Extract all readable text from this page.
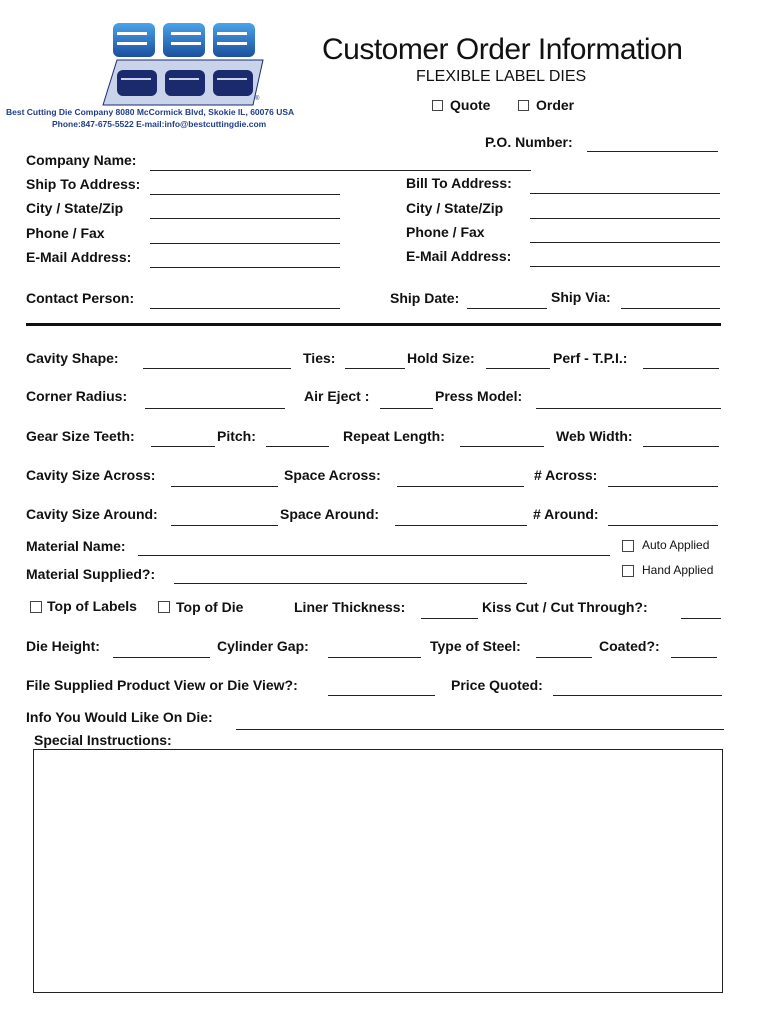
®
Best Cutting Die Company 8080 McCormick Blvd, Skokie IL, 60076 USA
Phone:847-675-5522 E-mail:info@bestcuttingdie.com
Customer Order Information
FLEXIBLE LABEL DIES
Quote	Order
P.O. Number:
Company Name:
Ship To Address:	Bill To Address:
City / State/Zip	City / State/Zip
Phone / Fax	Phone / Fax
E-Mail Address:	E-Mail Address:
Contact Person:	Ship Date:	Ship Via:
Cavity Shape:	Ties:	Hold Size:	Perf - T.P.I.:
Corner Radius:	Air Eject :	Press Model:
Gear Size Teeth:	Pitch:	Repeat Length:	Web Width:
Cavity Size Across:	Space Across:	# Across:
Cavity Size Around:	Space Around:	# Around:
Material Name:	Auto Applied
Material Supplied?:	Hand Applied
Top of Labels	Top of Die	Liner Thickness:	Kiss Cut / Cut Through?:
Die Height:	Cylinder Gap:	Type of Steel:	Coated?:
File Supplied Product View or Die View?:	Price Quoted:
Info You Would Like On Die:
Special Instructions:
